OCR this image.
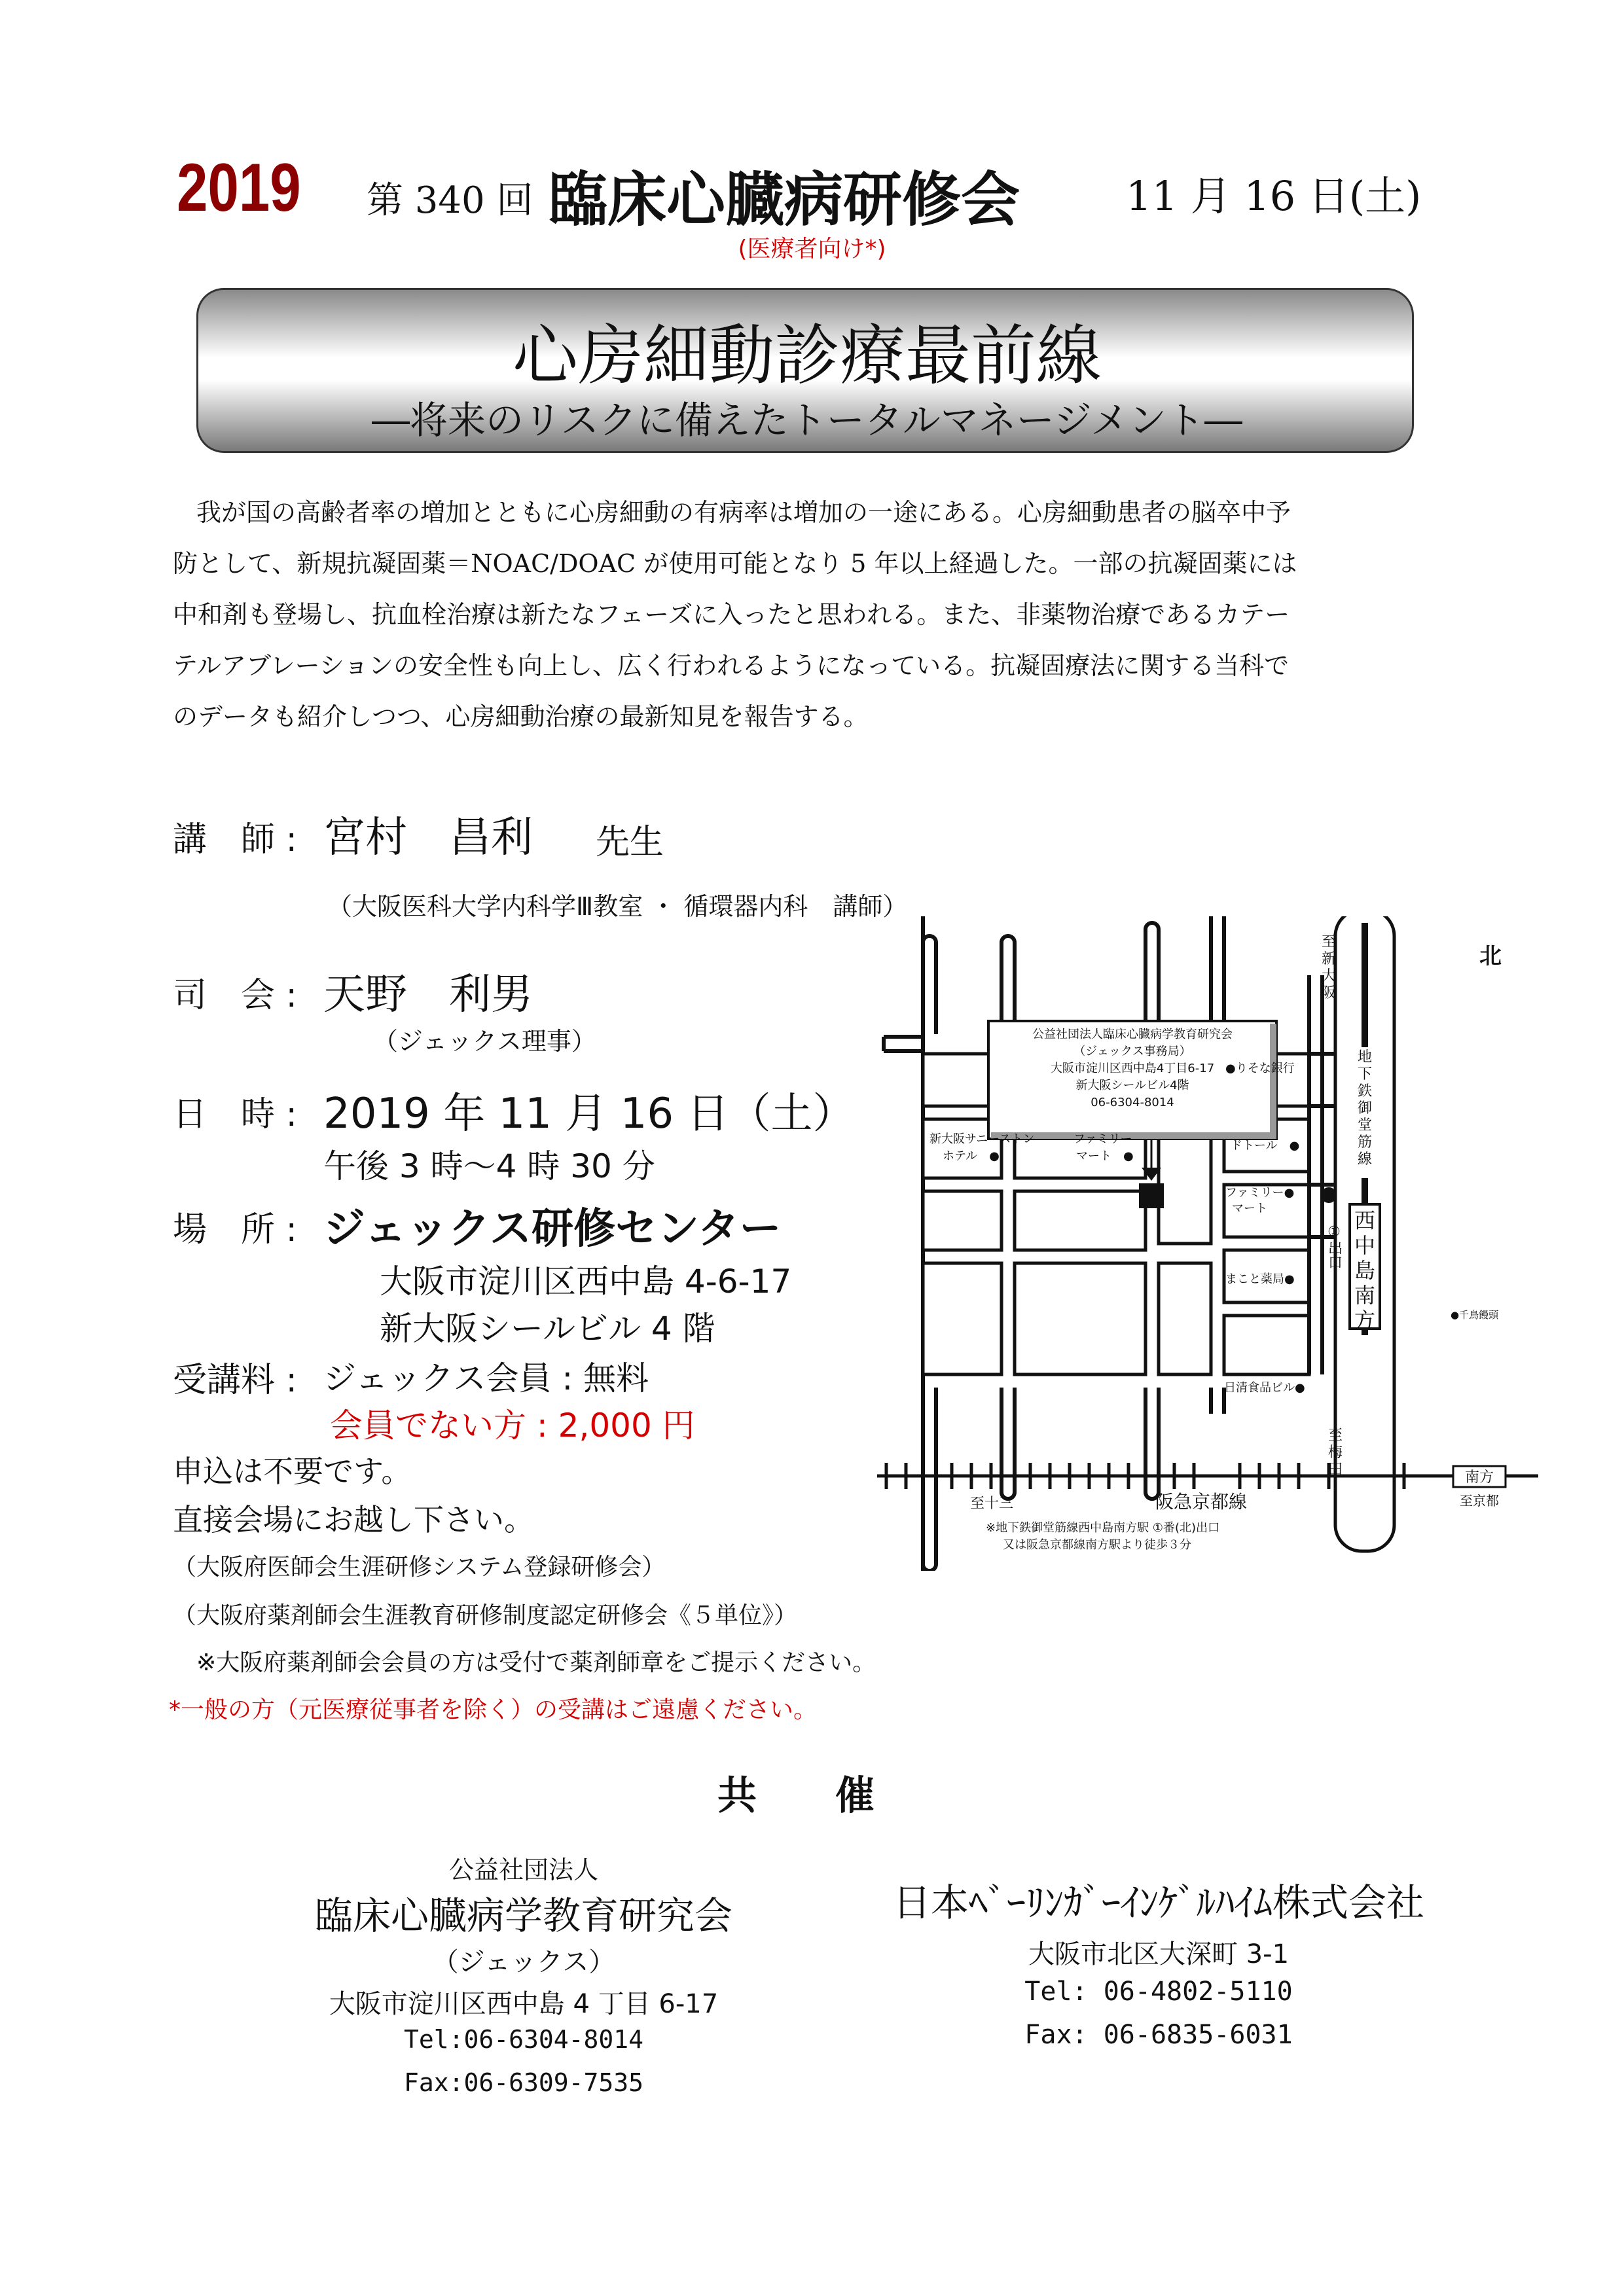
2019 第 340 回 臨床心臓病研修会	11 月 16 日(土)
(医療者向け*)
心房細動診療最前線
―将来のリスクに備えたトータルマネージメント―
我が国の高齢者率の増加とともに心房細動の有病率は増加の一途にある。心房細動患者の脳卒中予
防として、新規抗凝固薬＝NOAC/DOAC が使用可能となり 5 年以上経過した。一部の抗凝固薬には
中和剤も登場し、抗血栓治療は新たなフェーズに入ったと思われる。また、非薬物治療であるカテー
テルアブレーションの安全性も向上し、広く行われるようになっている。抗凝固療法に関する当科で
のデータも紹介しつつ、心房細動治療の最新知見を報告する。
講　師 : 宮村　昌利 先生
（大阪医科大学内科学Ⅲ教室 ・ 循環器内科　講師）
司　会 : 天野　利男
（ジェックス理事）
日　時 : 2019 年 11 月 16 日（土）
午後 3 時～4 時 30 分
場　所 : ジェックス研修センター
大阪市淀川区西中島 4-6-17
新大阪シールビル 4 階
受講料 : ジェックス会員 : 無料
会員でない方 : 2,000 円
申込は不要です。
直接会場にお越し下さい。
（大阪府医師会生涯研修システム登録研修会）
（大阪府薬剤師会生涯教育研修制度認定研修会《５単位》）
※大阪府薬剤師会会員の方は受付で薬剤師章をご提示ください。
*一般の方（元医療従事者を除く）の受講はご遠慮ください。
公益社団法人臨床心臓病学教育研究会
（ジェックス事務局）
大阪市淀川区西中島4丁目6-17
新大阪シールビル4階
06-6304-8014
●りそな銀行
新大阪サニーストン
ホテル　●
ファミリー
マート　●
ドトール　●
ファミリー●
マート
まこと薬局●
●千鳥饅頭
日清食品ビル●
①出口
至
新
大
阪
地
下
鉄
御
堂
筋
線
至
梅
田
西
中
島
南
方
北
至十三	阪急京都線
南方
至京都
※地下鉄御堂筋線西中島南方駅 ①番(北)出口
又は阪急京都線南方駅より徒歩３分
共　　催
公益社団法人
臨床心臓病学教育研究会
（ジェックス）
大阪市淀川区西中島 4 丁目 6-17
Tel:06-6304-8014
Fax:06-6309-7535
日本ﾍﾞｰﾘﾝｶﾞｰｲﾝｹﾞﾙﾊｲﾑ株式会社
大阪市北区大深町 3-1
Tel: 06-4802-5110
Fax: 06-6835-6031
